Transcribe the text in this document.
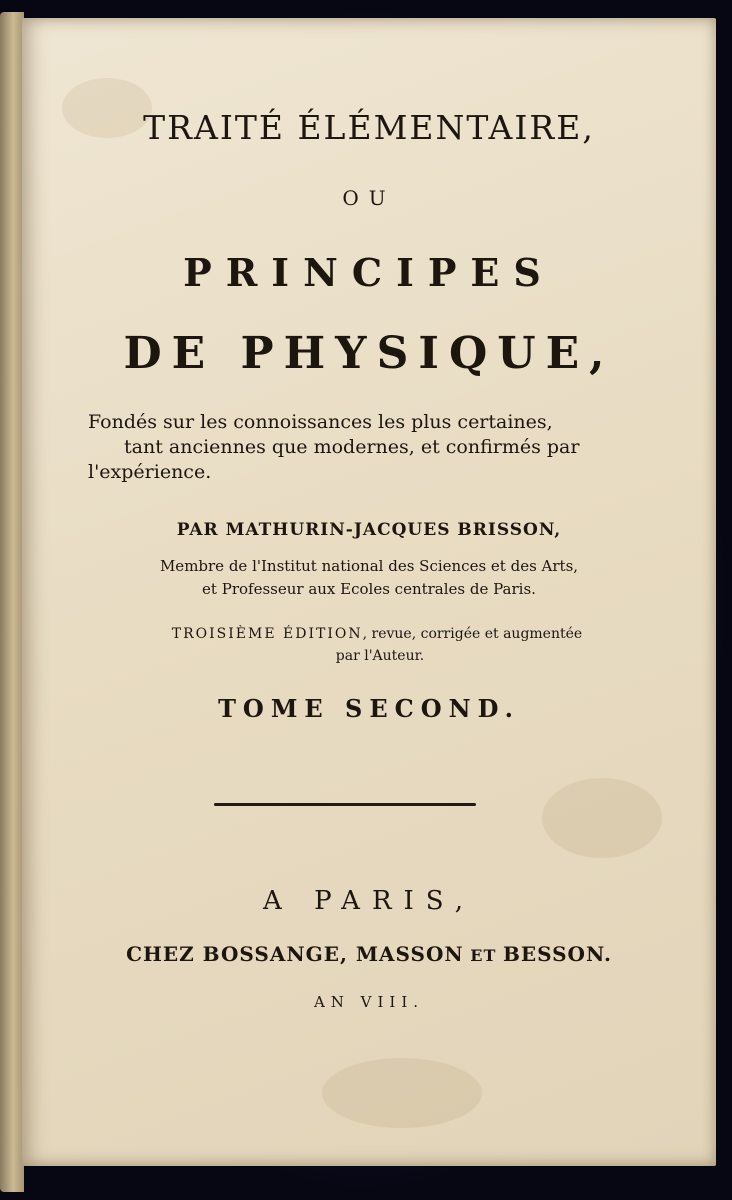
TRAITÉ ÉLÉMENTAIRE,
OU
PRINCIPES
DE PHYSIQUE,
Fondés sur les connoissances les plus certaines,
tant anciennes que modernes, et confirmés par
l'expérience.
PAR MATHURIN-JACQUES BRISSON,
Membre de l'Institut national des Sciences et des Arts,
et Professeur aux Ecoles centrales de Paris.
TROISIÈME ÉDITION, revue, corrigée et augmentée
par l'Auteur.
TOME SECOND.
A PARIS,
CHEZ BOSSANGE, MASSON ET BESSON.
AN VIII.
